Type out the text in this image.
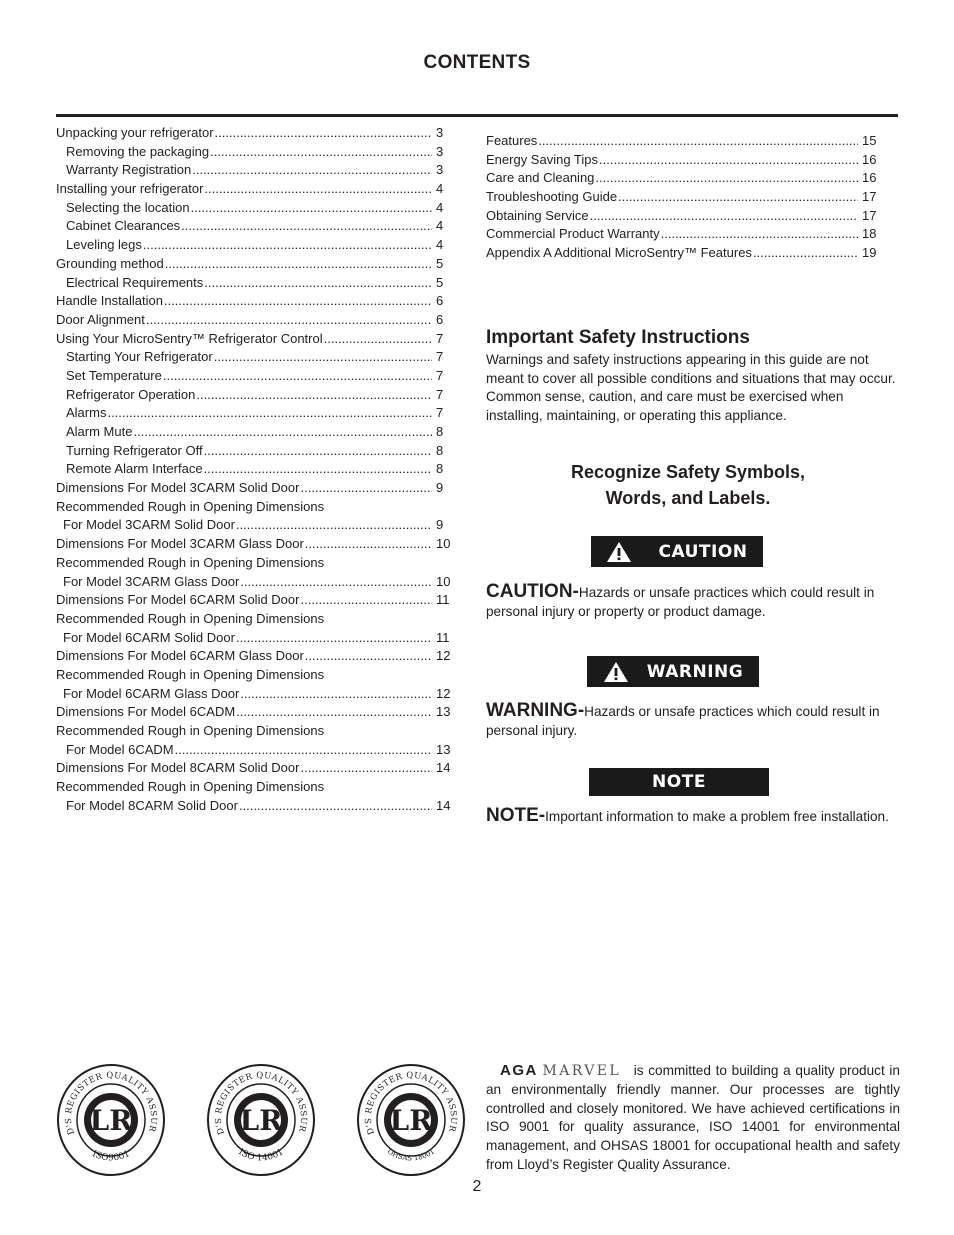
CONTENTS
Unpacking your refrigerator .....	3
Removing the packaging .....	3
Warranty Registration .....	3
Installing your refrigerator .....	4
Selecting the location .....	4
Cabinet Clearances .....	4
Leveling legs .....	4
Grounding method .....	5
Electrical Requirements .....	5
Handle Installation .....	6
Door Alignment .....	6
Using Your MicroSentry™ Refrigerator Control .....	7
Starting Your Refrigerator .....	7
Set Temperature .....	7
Refrigerator Operation .....	7
Alarms .....	7
Alarm Mute .....	8
Turning Refrigerator Off .....	8
Remote Alarm Interface .....	8
Dimensions For Model 3CARM Solid Door .....	9
Recommended Rough in Opening Dimensions
For Model 3CARM Solid Door .....	9
Dimensions For Model 3CARM Glass Door .....	10
Recommended Rough in Opening Dimensions
For Model 3CARM Glass Door .....	10
Dimensions For Model 6CARM Solid Door .....	11
Recommended Rough in Opening Dimensions
For Model 6CARM Solid Door .....	11
Dimensions For Model 6CARM Glass Door .....	12
Recommended Rough in Opening Dimensions
For Model 6CARM Glass Door .....	12
Dimensions For Model 6CADM .....	13
Recommended Rough in Opening Dimensions
For Model 6CADM .....	13
Dimensions For Model 8CARM Solid Door .....	14
Recommended Rough in Opening Dimensions
For Model 8CARM Solid Door .....	14
Features .....	15
Energy Saving Tips .....	16
Care and Cleaning .....	16
Troubleshooting Guide .....	17
Obtaining Service .....	17
Commercial Product Warranty .....	18
Appendix A Additional MicroSentry™ Features .....	19
Important Safety Instructions
Warnings and safety instructions appearing in this guide are not meant to cover all possible conditions and situations that may occur. Common sense, caution, and care must be exercised when installing, maintaining, or operating this appliance.
Recognize Safety Symbols,
Words, and Labels.
CAUTION
CAUTION-Hazards or unsafe practices which could result in personal injury or property or product damage.
WARNING
WARNING-Hazards or unsafe practices which could result in personal injury.
NOTE
NOTE-Important information to make a problem free installation.
D'S REGISTER QUALITY ASSUR
ISO9001
LR	D'S REGISTER QUALITY ASSUR
ISO 14001
LR	D'S REGISTER QUALITY ASSUR
OHSAS 18001
LR
AGA MARVEL is committed to building a quality product in an environmentally friendly manner. Our processes are tightly controlled and closely monitored. We have achieved certifications in ISO 9001 for quality assurance, ISO 14001 for environmental management, and OHSAS 18001 for occupational health and safety from Lloyd’s Register Quality Assurance.
2
